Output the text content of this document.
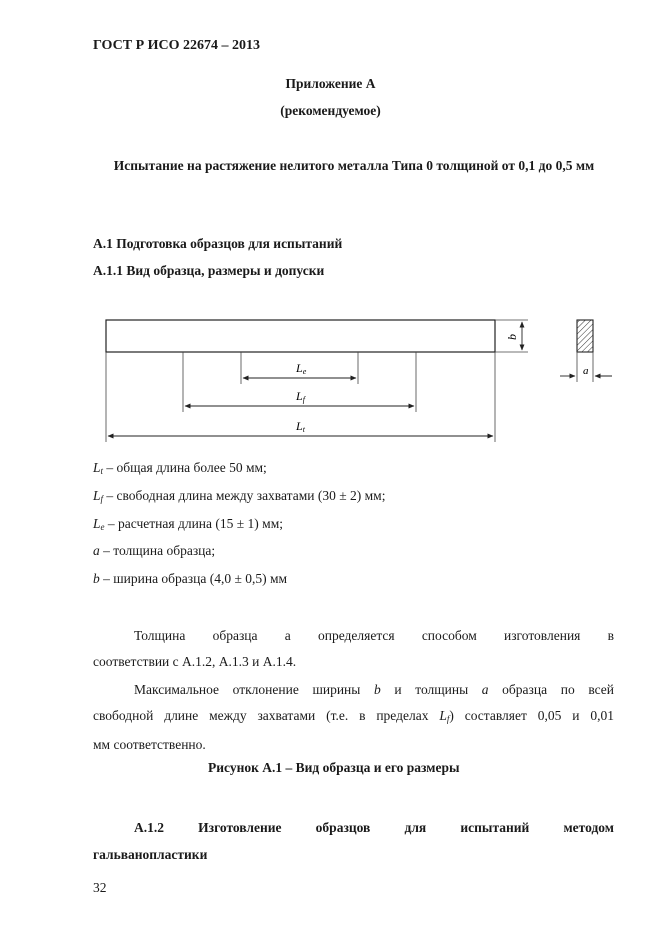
ГОСТ Р ИСО 22674 – 2013
Приложение А
(рекомендуемое)
Испытание на растяжение нелитого металла Типа 0 толщиной от 0,1 до 0,5 мм
А.1 Подготовка образцов для испытаний
А.1.1 Вид образца, размеры и допуски
Le
Lf
Lt
b
a
$L_t$ – общая длина более 50 мм;
$L_f$ – свободная длина между захватами (30 ± 2) мм;
$L_e$ – расчетная длина (15 ± 1) мм;
a – толщина образца;
b – ширина образца (4,0 ± 0,5) мм
Толщина образца a определяется способом изготовления в
соответствии с А.1.2, А.1.3 и А.1.4.
Максимальное отклонение ширины b и толщины a образца по всей
свободной длине между захватами (т.е. в пределах $L_f$) составляет 0,05 и 0,01
мм соответственно.
Рисунок А.1 – Вид образца и его размеры
А.1.2 Изготовление образцов для испытаний методом
гальванопластики
32
